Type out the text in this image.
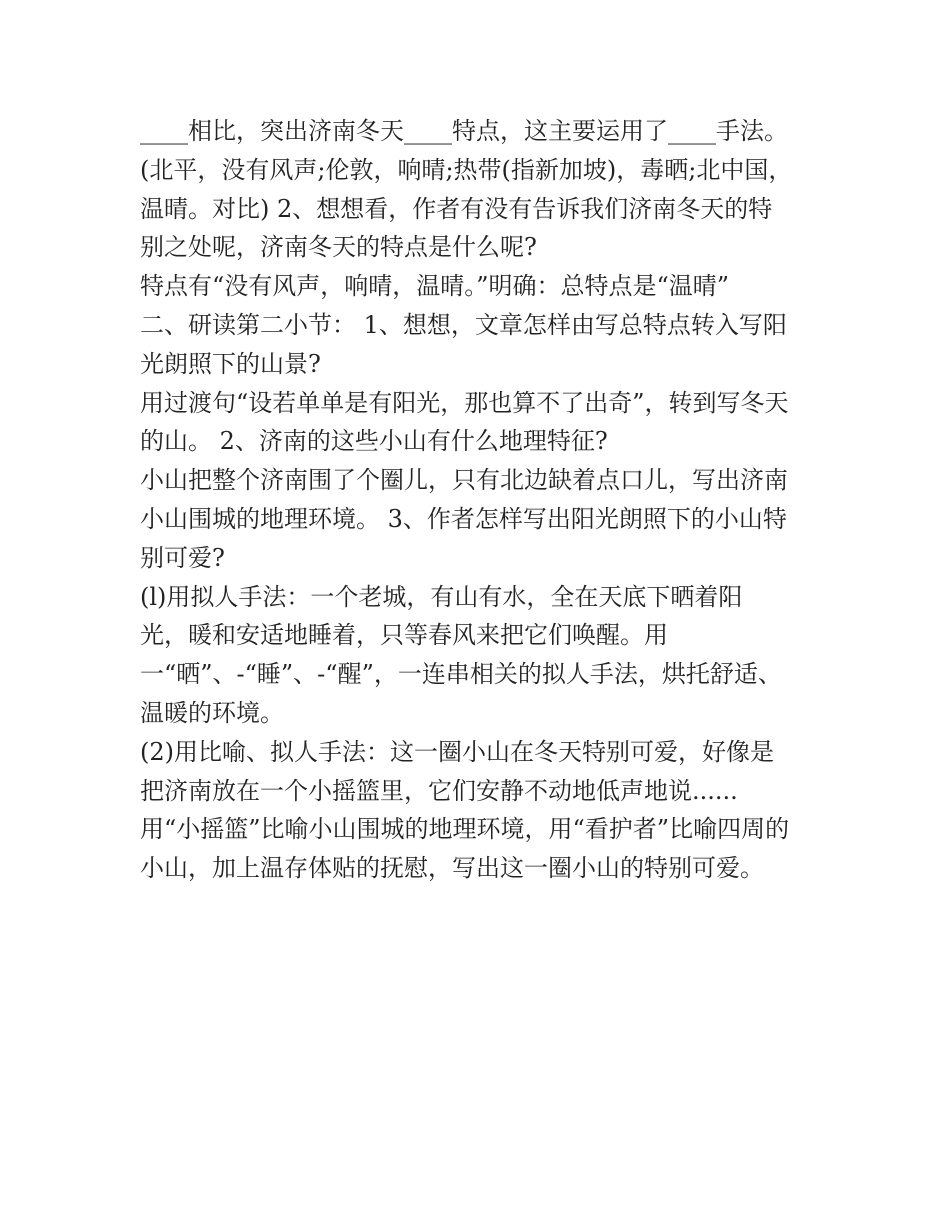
____相比，突出济南冬天____特点，这主要运用了____手法。
(北平，没有风声;伦敦，响晴;热带(指新加坡)，毒晒;北中国，
温晴。对比) 2、想想看，作者有没有告诉我们济南冬天的特
别之处呢，济南冬天的特点是什么呢?
特点有“没有风声，响晴，温晴。”明确：总特点是“温晴”
二、研读第二小节： 1、想想，文章怎样由写总特点转入写阳
光朗照下的山景?
用过渡句“设若单单是有阳光，那也算不了出奇”，转到写冬天
的山。 2、济南的这些小山有什么地理特征?
小山把整个济南围了个圈儿，只有北边缺着点口儿，写出济南
小山围城的地理环境。 3、作者怎样写出阳光朗照下的小山特
别可爱?
(l)用拟人手法：一个老城，有山有水，全在天底下晒着阳
光，暖和安适地睡着，只等春风来把它们唤醒。用
一“晒”、-“睡”、-“醒”，一连串相关的拟人手法，烘托舒适、
温暖的环境。
(2)用比喻、拟人手法：这一圈小山在冬天特别可爱，好像是
把济南放在一个小摇篮里，它们安静不动地低声地说......
用“小摇篮”比喻小山围城的地理环境，用“看护者”比喻四周的
小山，加上温存体贴的抚慰，写出这一圈小山的特别可爱。
